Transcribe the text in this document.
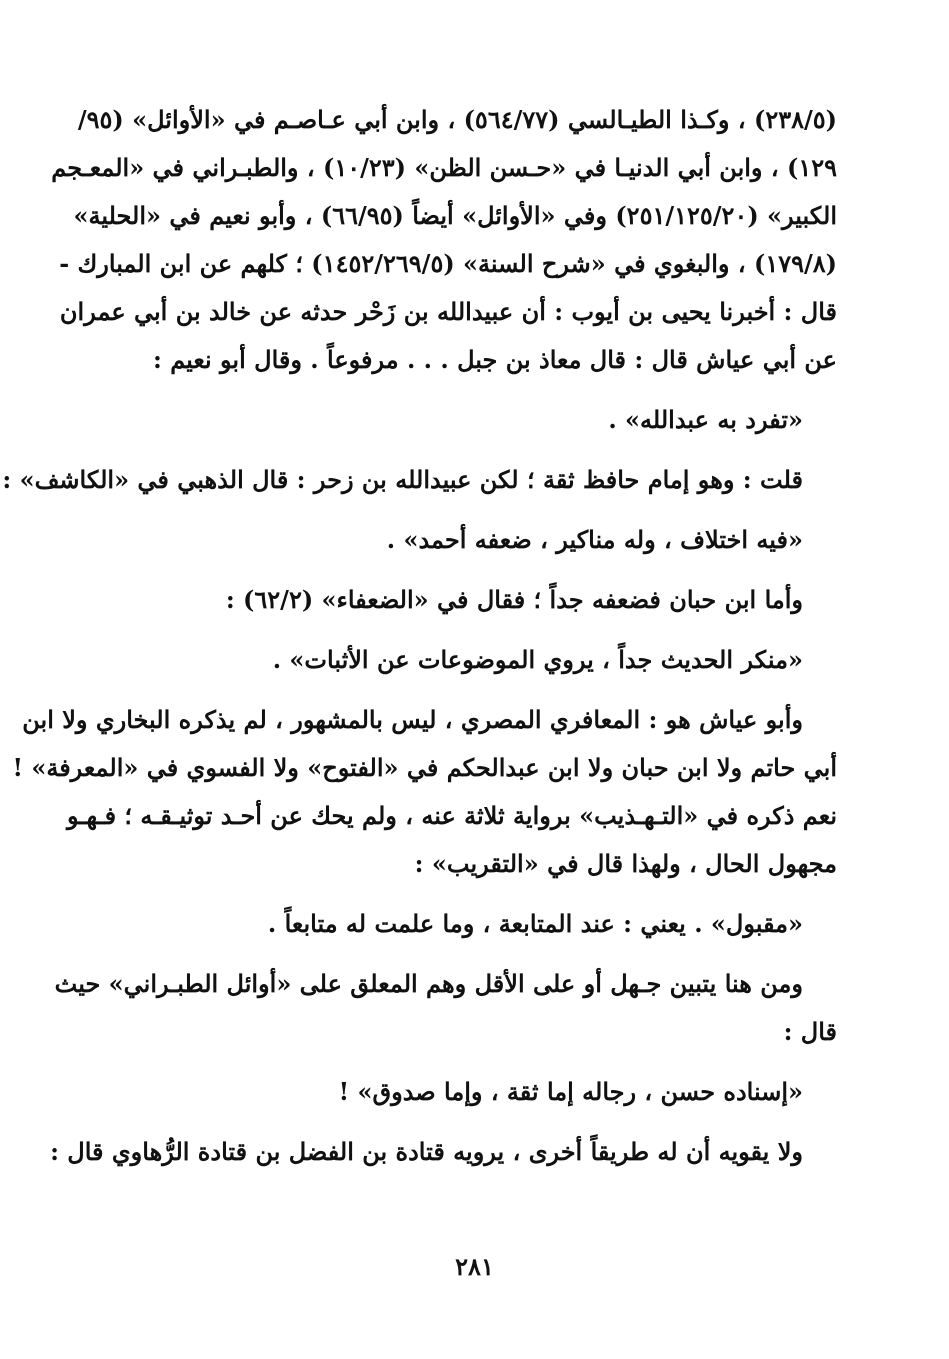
(٢٣٨/٥) ، وكـذا الطيـالسي (٥٦٤/٧٧) ، وابن أبي عـاصـم في «الأوائل» (٩٥/
١٢٩) ، وابن أبي الدنيـا في «حـسن الظن» (١٠/٢٣) ، والطبـراني في «المعـجم
الكبير» (٢٥١/١٢٥/٢٠) وفي «الأوائل» أيضاً (٦٦/٩٥) ، وأبو نعيم في «الحلية»
(١٧٩/٨) ، والبغوي في «شرح السنة» (١٤٥٢/٢٦٩/٥) ؛ كلهم عن ابن المبارك -
قال : أخبرنا يحيى بن أيوب : أن عبيدالله بن زَحْر حدثه عن خالد بن أبي عمران
عن أبي عياش قال : قال معاذ بن جبل . . . مرفوعاً . وقال أبو نعيم :
«تفرد به عبدالله» .
قلت : وهو إمام حافظ ثقة ؛ لكن عبيدالله بن زحر : قال الذهبي في «الكاشف» :
«فيه اختلاف ، وله مناكير ، ضعفه أحمد» .
وأما ابن حبان فضعفه جداً ؛ فقال في «الضعفاء» (٦٢/٢) :
«منكر الحديث جداً ، يروي الموضوعات عن الأثبات» .
وأبو عياش هو : المعافري المصري ، ليس بالمشهور ، لم يذكره البخاري ولا ابن
أبي حاتم ولا ابن حبان ولا ابن عبدالحكم في «الفتوح» ولا الفسوي في «المعرفة» !
نعم ذكره في «التـهـذيب» برواية ثلاثة عنه ، ولم يحك عن أحـد توثيـقـه ؛ فـهـو
مجهول الحال ، ولهذا قال في «التقريب» :
«مقبول» . يعني : عند المتابعة ، وما علمت له متابعاً .
ومن هنا يتبين جـهل أو على الأقل وهم المعلق على «أوائل الطبـراني» حيث
قال :
«إسناده حسن ، رجاله إما ثقة ، وإما صدوق» !
ولا يقويه أن له طريقاً أخرى ، يرويه قتادة بن الفضل بن قتادة الرُّهاوي قال :
٢٨١
